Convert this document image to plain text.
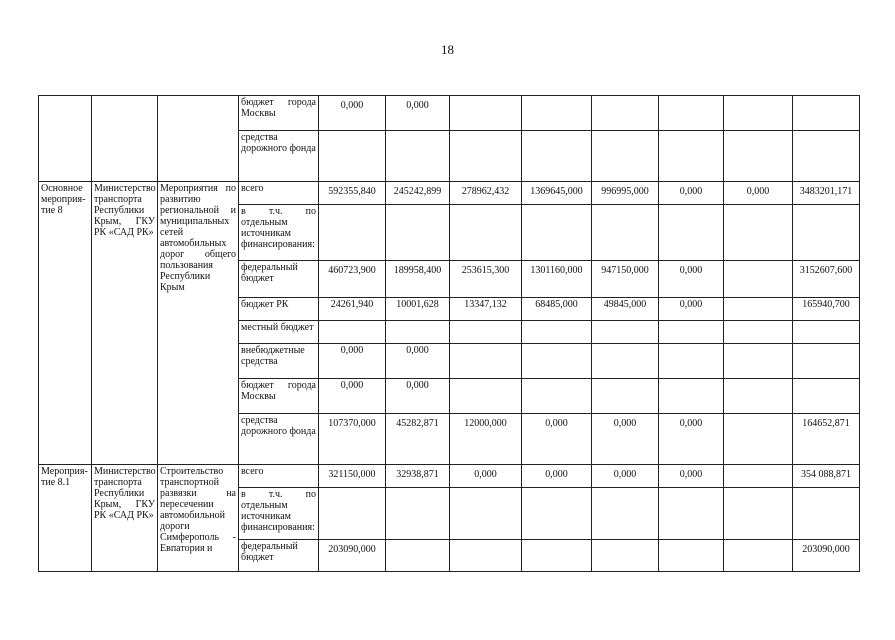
18
			бюджет города Москвы	0,000	0,000						
			средства дорожного фонда								
Основное мероприя-тие 8	Министерство транспорта Республики Крым, ГКУ РК «САД РК»	Мероприятия по развитию региональной и муниципальных сетей автомобильных дорог общего пользования Республики Крым	всего	592355,840	245242,899	278962,432	1369645,000	996995,000	0,000	0,000	3483201,171
			в т.ч. по отдельным источникам финансирования:								
			федеральный бюджет	460723,900	189958,400	253615,300	1301160,000	947150,000	0,000		3152607,600
			бюджет РК	24261,940	10001,628	13347,132	68485,000	49845,000	0,000		165940,700
			местный бюджет								
			внебюджетные средства	0,000	0,000						
			бюджет города Москвы	0,000	0,000						
			средства дорожного фонда	107370,000	45282,871	12000,000	0,000	0,000	0,000		164652,871
Мероприя-тие 8.1	Министерство транспорта Республики Крым, ГКУ РК «САД РК»	Строительство транспортной развязки на пересечении автомобильной дороги Симферополь - Евпатория и	всего	321150,000	32938,871	0,000	0,000	0,000	0,000		354 088,871
			в т.ч. по отдельным источникам финансирования:								
			федеральный бюджет	203090,000							203090,000
